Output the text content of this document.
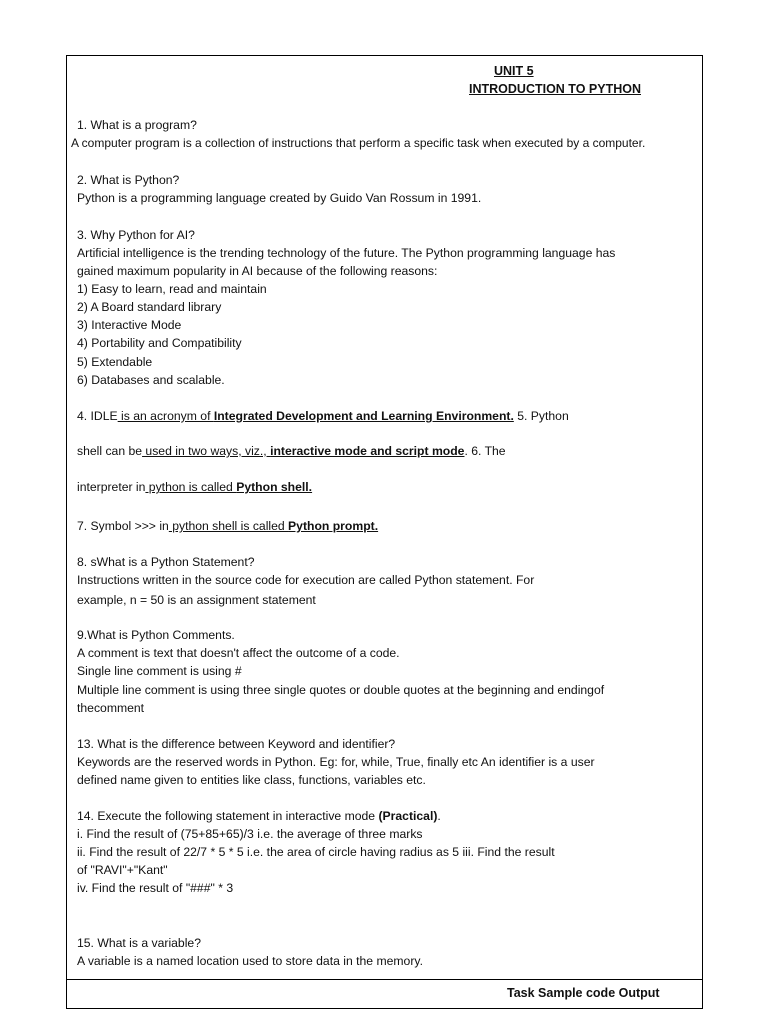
UNIT 5
INTRODUCTION TO PYTHON
1. What is a program?
A computer program is a collection of instructions that perform a specific task when executed by a computer.
2. What is Python?
Python is a programming language created by Guido Van Rossum in 1991.
3. Why Python for AI?
Artificial intelligence is the trending technology of the future. The Python programming language has
gained maximum popularity in AI because of the following reasons:
1) Easy to learn, read and maintain
2) A Board standard library
3) Interactive Mode
4) Portability and Compatibility
5) Extendable
6) Databases and scalable.
4. IDLE is an acronym of Integrated Development and Learning Environment. 5. Python
shell can be used in two ways, viz., interactive mode and script mode. 6. The
interpreter in python is called Python shell.
7. Symbol >>> in python shell is called Python prompt.
8. sWhat is a Python Statement?
Instructions written in the source code for execution are called Python statement. For
example, n = 50 is an assignment statement
9.What is Python Comments.
A comment is text that doesn't affect the outcome of a code.
Single line comment is using #
Multiple line comment is using three single quotes or double quotes at the beginning and endingof
thecomment
13. What is the difference between Keyword and identifier?
Keywords are the reserved words in Python. Eg: for, while, True, finally etc An identifier is a user
defined name given to entities like class, functions, variables etc.
14. Execute the following statement in interactive mode (Practical).
i. Find the result of (75+85+65)/3 i.e. the average of three marks
ii. Find the result of 22/7 * 5 * 5 i.e. the area of circle having radius as 5 iii. Find the result
of "RAVI"+"Kant"
iv. Find the result of "###" * 3
15. What is a variable?
A variable is a named location used to store data in the memory.
Task Sample code Output
